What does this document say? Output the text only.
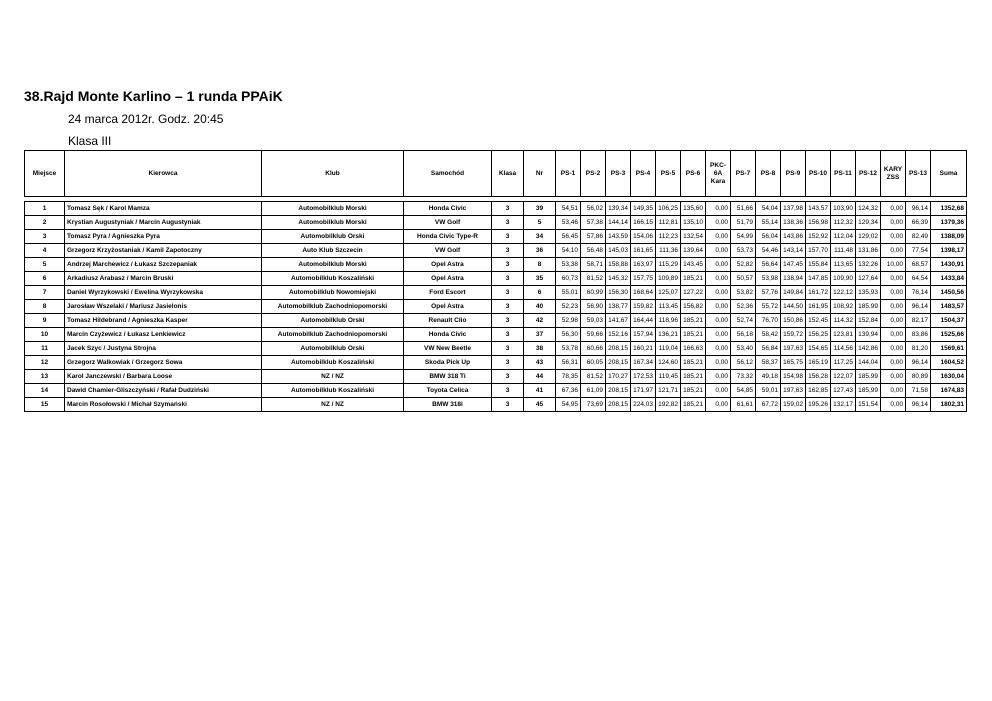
38.Rajd Monte Karlino – 1 runda PPAiK
24 marca 2012r. Godz. 20:45
Klasa III
Miejsce	Kierowca	Klub	Samochód	Klasa	Nr	PS-1	PS-2	PS-3	PS-4	PS-5	PS-6	PKC-6A Kara	PS-7	PS-8	PS-9	PS-10	PS-11	PS-12	KARY ZSS	PS-13	Suma

1	Tomasz Sęk / Karol Mamza	Automobilklub Morski	Honda Civic	3	39	54,51	56,02	139,34	149,35	106,25	135,60	0,00	51,66	54,04	137,98	143,57	103,90	124,32	0,00	96,14	1352,68
2	Krystian Augustyniak / Marcin Augustyniak	Automobilklub Morski	VW Golf	3	5	53,46	57,38	144,14	166,15	112,81	135,10	0,00	51,79	55,14	138,36	156,98	112,32	129,34	0,00	66,39	1379,36
3	Tomasz Pyra / Agnieszka Pyra	Automobilklub Orski	Honda Civic Type-R	3	34	56,45	57,86	143,59	154,06	112,23	132,54	0,00	54,99	56,04	143,86	152,92	112,04	129,02	0,00	82,49	1388,09
4	Grzegorz Krzyżostaniak / Kamil Zapotoczny	Auto Klub Szczecin	VW Golf	3	36	54,10	56,48	145,03	161,65	111,36	139,64	0,00	53,73	54,46	143,14	157,70	111,48	131,86	0,00	77,54	1398,17
5	Andrzej Marchewicz / Łukasz Szczepaniak	Automobilklub Morski	Opel Astra	3	8	53,38	58,71	158,88	163,97	115,29	143,45	0,00	52,82	56,64	147,45	155,84	113,65	132,26	10,00	68,57	1430,91
6	Arkadiusz Arabasz / Marcin Bruski	Automobilklub Koszaliński	Opel Astra	3	35	60,73	81,52	145,32	157,75	109,89	185,21	0,00	50,57	53,98	138,94	147,85	109,90	127,64	0,00	64,54	1433,84
7	Daniel Wyrzykowski / Ewelina Wyrzykowska	Automobilklub Nowomiejski	Ford Escort	3	6	55,01	60,99	156,30	168,64	125,07	127,22	0,00	53,82	57,76	149,84	161,72	122,12	135,93	0,00	76,14	1450,56
8	Jarosław Wszelaki / Mariusz Jasielonis	Automobilklub Zachodniopomorski	Opel Astra	3	40	52,23	56,90	138,77	159,82	113,45	156,82	0,00	52,36	55,72	144,50	161,95	108,92	185,99	0,00	96,14	1483,57
9	Tomasz Hildebrand / Agnieszka Kasper	Automobilklub Orski	Renault Clio	3	42	52,98	59,03	141,67	164,44	118,96	185,21	0,00	52,74	76,70	150,86	152,45	114,32	152,84	0,00	82,17	1504,37
10	Marcin Czyżewicz / Łukasz Lenkiewicz	Automobilklub Zachodniopomorski	Honda Civic	3	37	56,30	59,66	152,16	157,94	136,21	185,21	0,00	56,18	58,42	159,72	156,25	123,81	139,94	0,00	83,86	1525,66
11	Jacek Szyc / Justyna Strojna	Automobilklub Orski	VW New Beetle	3	38	53,78	60,66	208,15	160,21	119,04	166,63	0,00	53,40	56,84	197,63	154,65	114,56	142,86	0,00	81,20	1569,61
12	Grzegorz Walkowiak / Grzegorz Sowa	Automobilklub Koszaliński	Skoda Pick Up	3	43	56,31	60,05	208,15	167,34	124,60	185,21	0,00	56,12	58,37	165,75	165,19	117,25	144,04	0,00	96,14	1604,52
13	Karol Janczewski / Barbara Loose	NZ / NZ	BMW 318 Ti	3	44	78,35	81,52	170,27	172,53	119,45	185,21	0,00	73,32	49,18	154,98	156,28	122,07	185,99	0,00	80,89	1630,04
14	Dawid Chamier-Gliszczyński / Rafał Dudziński	Automobilklub Koszaliński	Toyota Celica	3	41	67,36	61,09	208,15	171,97	121,71	185,21	0,00	54,85	59,01	197,63	162,85	127,43	185,99	0,00	71,58	1674,83
15	Marcin Rosołowski / Michał Szymański	NZ / NZ	BMW 318i	3	45	54,95	73,69	208,15	224,03	192,82	185,21	0,00	61,61	67,72	159,02	195,26	132,17	151,54	0,00	96,14	1802,31
